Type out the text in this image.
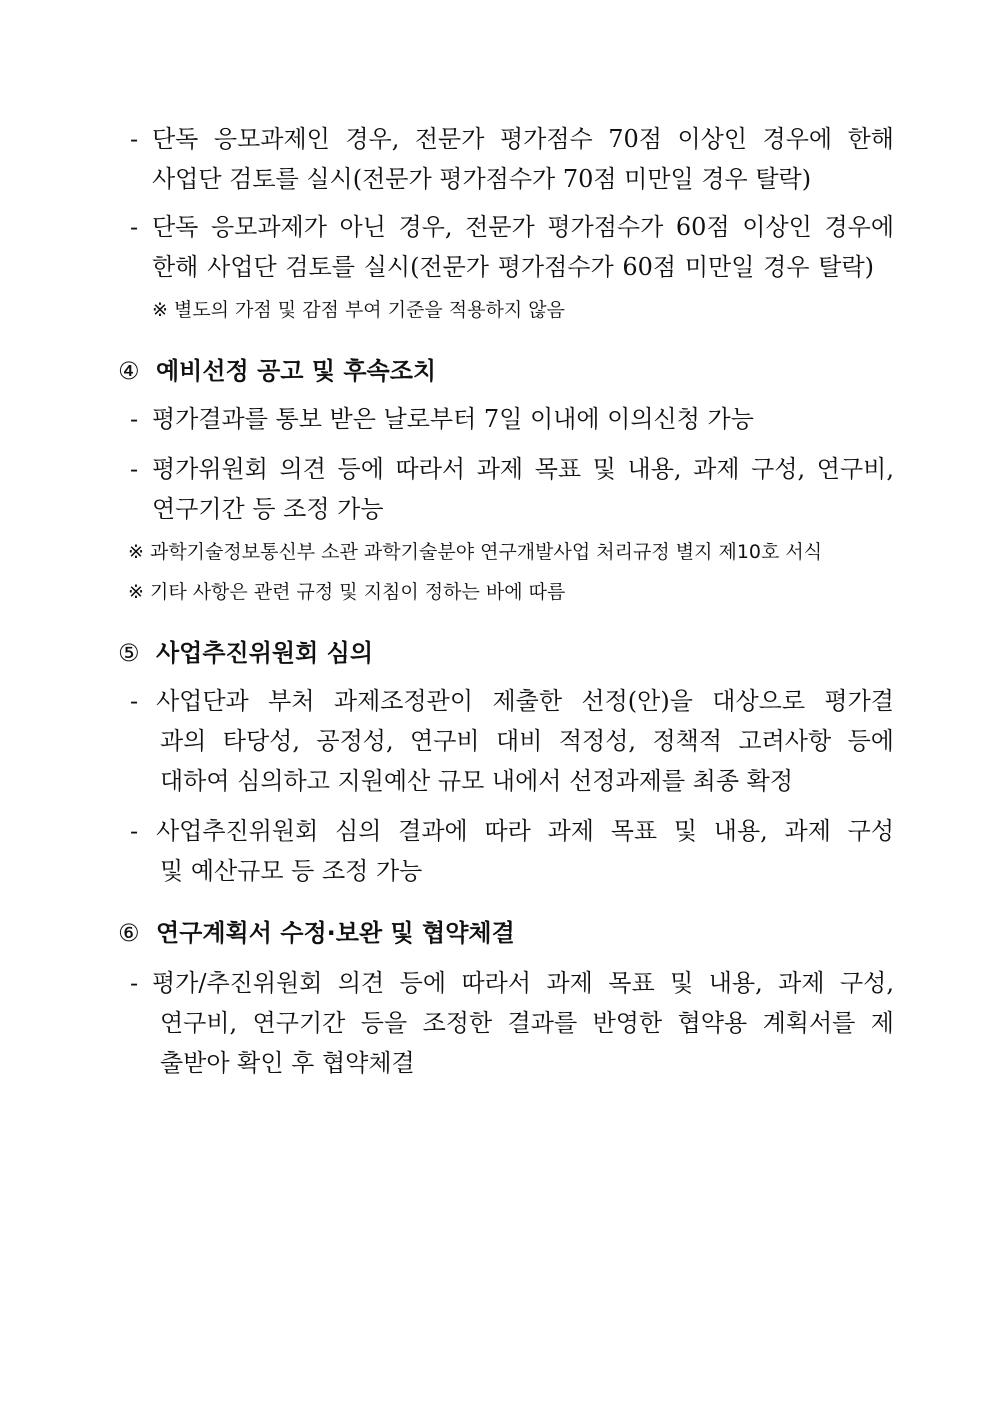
- 단독 응모과제인 경우, 전문가 평가점수 70점 이상인 경우에 한해
사업단 검토를 실시(전문가 평가점수가 70점 미만일 경우 탈락)
- 단독 응모과제가 아닌 경우, 전문가 평가점수가 60점 이상인 경우에
한해 사업단 검토를 실시(전문가 평가점수가 60점 미만일 경우 탈락)
※ 별도의 가점 및 감점 부여 기준을 적용하지 않음
④ 예비선정 공고 및 후속조치
- 평가결과를 통보 받은 날로부터 7일 이내에 이의신청 가능
- 평가위원회 의견 등에 따라서 과제 목표 및 내용, 과제 구성, 연구비,
연구기간 등 조정 가능
※ 과학기술정보통신부 소관 과학기술분야 연구개발사업 처리규정 별지 제10호 서식
※ 기타 사항은 관련 규정 및 지침이 정하는 바에 따름
⑤ 사업추진위원회 심의
- 사업단과 부처 과제조정관이 제출한 선정(안)을 대상으로 평가결
과의 타당성, 공정성, 연구비 대비 적정성, 정책적 고려사항 등에
대하여 심의하고 지원예산 규모 내에서 선정과제를 최종 확정
- 사업추진위원회 심의 결과에 따라 과제 목표 및 내용, 과제 구성
및 예산규모 등 조정 가능
⑥ 연구계획서 수정·보완 및 협약체결
- 평가/추진위원회 의견 등에 따라서 과제 목표 및 내용, 과제 구성,
연구비, 연구기간 등을 조정한 결과를 반영한 협약용 계획서를 제
출받아 확인 후 협약체결
